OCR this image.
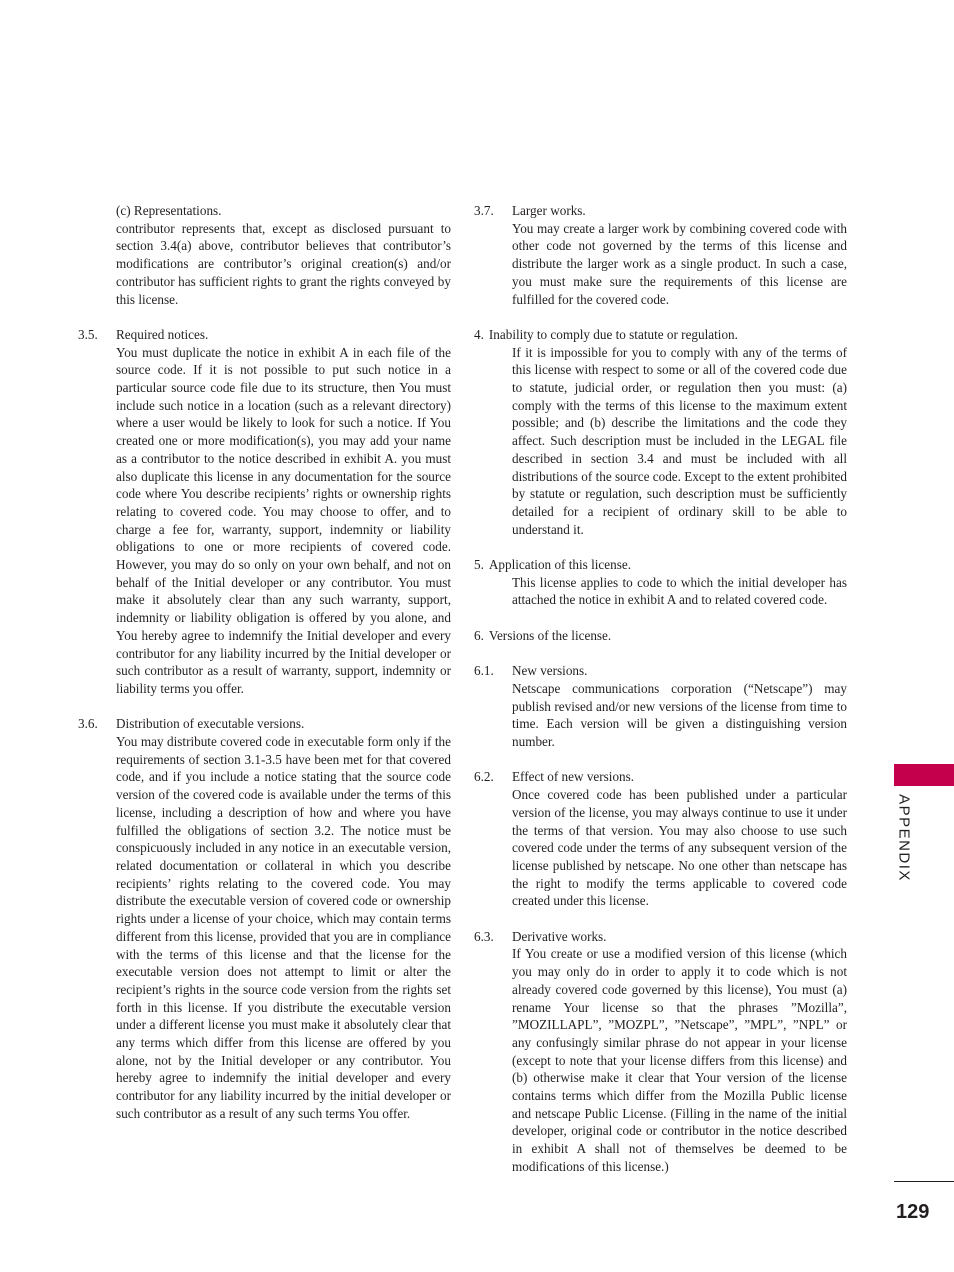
(c) Representations.
contributor represents that, except as disclosed pursuant to section 3.4(a) above, contributor believes that contributor’s modifications are contributor’s original creation(s) and/or contributor has sufficient rights to grant the rights conveyed by this license.
3.5.	Required notices.
You must duplicate the notice in exhibit A in each file of the source code. If it is not possible to put such notice in a particular source code file due to its structure, then You must include such notice in a location (such as a relevant directory) where a user would be likely to look for such a notice. If You created one or more modification(s), you may add your name as a contributor to the notice described in exhibit A. you must also duplicate this license in any documentation for the source code where You describe recipients’ rights or ownership rights relating to covered code. You may choose to offer, and to charge a fee for, warranty, support, indemnity or liability obligations to one or more recipients of covered code. However, you may do so only on your own behalf, and not on behalf of the Initial developer or any contributor. You must make it absolutely clear than any such warranty, support, indemnity or liability obligation is offered by you alone, and You hereby agree to indemnify the Initial developer and every contributor for any liability incurred by the Initial developer or such contributor as a result of warranty, support, indemnity or liability terms you offer.
3.6.	Distribution of executable versions.
You may distribute covered code in executable form only if the requirements of section 3.1-3.5 have been met for that covered code, and if you include a notice stating that the source code version of the covered code is available under the terms of this license, including a description of how and where you have fulfilled the obligations of section 3.2. The notice must be conspicuously included in any notice in an executable version, related documentation or collateral in which you describe recipients’ rights relating to the covered code. You may distribute the executable version of covered code or ownership rights under a license of your choice, which may contain terms different from this license, provided that you are in compliance with the terms of this license and that the license for the executable version does not attempt to limit or alter the recipient’s rights in the source code version from the rights set forth in this license. If you distribute the executable version under a different license you must make it absolutely clear that any terms which differ from this license are offered by you alone, not by the Initial developer or any contributor. You hereby agree to indemnify the initial developer and every contributor for any liability incurred by the initial developer or such contributor as a result of any such terms You offer.
3.7.	Larger works.
You may create a larger work by combining covered code with other code not governed by the terms of this license and distribute the larger work as a single product. In such a case, you must make sure the requirements of this license are fulfilled for the covered code.
4. Inability to comply due to statute or regulation.
If it is impossible for you to comply with any of the terms of this license with respect to some or all of the covered code due to statute, judicial order, or regulation then you must: (a) comply with the terms of this license to the maximum extent possible; and (b) describe the limitations and the code they affect. Such description must be included in the LEGAL file described in section 3.4 and must be included with all distributions of the source code. Except to the extent prohibited by statute or regulation, such description must be sufficiently detailed for a recipient of ordinary skill to be able to understand it.
5. Application of this license.
This license applies to code to which the initial developer has attached the notice in exhibit A and to related covered code.
6. Versions of the license.
6.1.	New versions.
Netscape communications corporation (“Netscape”) may publish revised and/or new versions of the license from time to time. Each version will be given a distinguishing version number.
6.2.	Effect of new versions.
Once covered code has been published under a particular version of the license, you may always continue to use it under the terms of that version. You may also choose to use such covered code under the terms of any subsequent version of the license published by netscape. No one other than netscape has the right to modify the terms applicable to covered code created under this license.
6.3.	Derivative works.
If You create or use a modified version of this license (which you may only do in order to apply it to code which is not already covered code governed by this license), You must (a) rename Your license so that the phrases ”Mozilla”, ”MOZILLAPL”, ”MOZPL”, ”Netscape”, ”MPL”, ”NPL” or any confusingly similar phrase do not appear in your license (except to note that your license differs from this license) and (b) otherwise make it clear that Your version of the license contains terms which differ from the Mozilla Public license and netscape Public License. (Filling in the name of the initial developer, original code or contributor in the notice described in exhibit A shall not of themselves be deemed to be modifications of this license.)
APPENDIX
129
